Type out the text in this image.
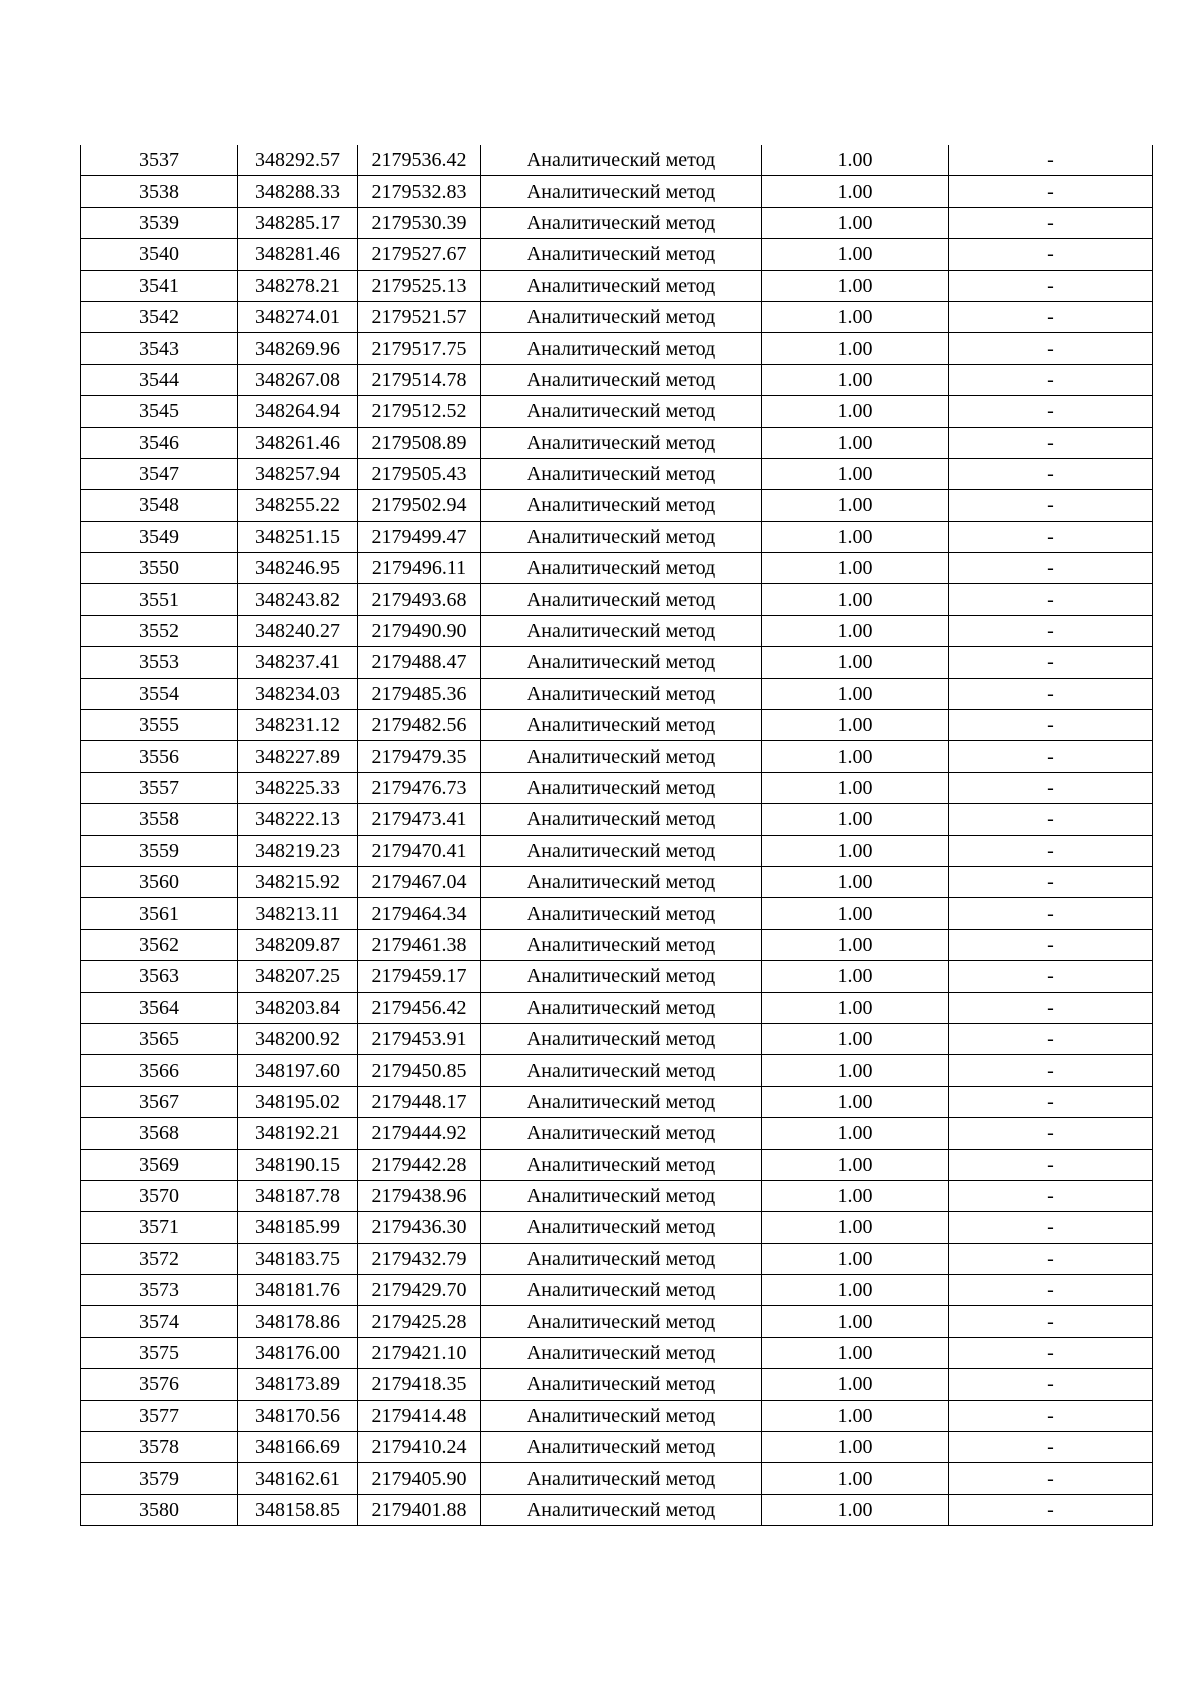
3537	348292.57	2179536.42	Аналитический метод	1.00	-
3538	348288.33	2179532.83	Аналитический метод	1.00	-
3539	348285.17	2179530.39	Аналитический метод	1.00	-
3540	348281.46	2179527.67	Аналитический метод	1.00	-
3541	348278.21	2179525.13	Аналитический метод	1.00	-
3542	348274.01	2179521.57	Аналитический метод	1.00	-
3543	348269.96	2179517.75	Аналитический метод	1.00	-
3544	348267.08	2179514.78	Аналитический метод	1.00	-
3545	348264.94	2179512.52	Аналитический метод	1.00	-
3546	348261.46	2179508.89	Аналитический метод	1.00	-
3547	348257.94	2179505.43	Аналитический метод	1.00	-
3548	348255.22	2179502.94	Аналитический метод	1.00	-
3549	348251.15	2179499.47	Аналитический метод	1.00	-
3550	348246.95	2179496.11	Аналитический метод	1.00	-
3551	348243.82	2179493.68	Аналитический метод	1.00	-
3552	348240.27	2179490.90	Аналитический метод	1.00	-
3553	348237.41	2179488.47	Аналитический метод	1.00	-
3554	348234.03	2179485.36	Аналитический метод	1.00	-
3555	348231.12	2179482.56	Аналитический метод	1.00	-
3556	348227.89	2179479.35	Аналитический метод	1.00	-
3557	348225.33	2179476.73	Аналитический метод	1.00	-
3558	348222.13	2179473.41	Аналитический метод	1.00	-
3559	348219.23	2179470.41	Аналитический метод	1.00	-
3560	348215.92	2179467.04	Аналитический метод	1.00	-
3561	348213.11	2179464.34	Аналитический метод	1.00	-
3562	348209.87	2179461.38	Аналитический метод	1.00	-
3563	348207.25	2179459.17	Аналитический метод	1.00	-
3564	348203.84	2179456.42	Аналитический метод	1.00	-
3565	348200.92	2179453.91	Аналитический метод	1.00	-
3566	348197.60	2179450.85	Аналитический метод	1.00	-
3567	348195.02	2179448.17	Аналитический метод	1.00	-
3568	348192.21	2179444.92	Аналитический метод	1.00	-
3569	348190.15	2179442.28	Аналитический метод	1.00	-
3570	348187.78	2179438.96	Аналитический метод	1.00	-
3571	348185.99	2179436.30	Аналитический метод	1.00	-
3572	348183.75	2179432.79	Аналитический метод	1.00	-
3573	348181.76	2179429.70	Аналитический метод	1.00	-
3574	348178.86	2179425.28	Аналитический метод	1.00	-
3575	348176.00	2179421.10	Аналитический метод	1.00	-
3576	348173.89	2179418.35	Аналитический метод	1.00	-
3577	348170.56	2179414.48	Аналитический метод	1.00	-
3578	348166.69	2179410.24	Аналитический метод	1.00	-
3579	348162.61	2179405.90	Аналитический метод	1.00	-
3580	348158.85	2179401.88	Аналитический метод	1.00	-
